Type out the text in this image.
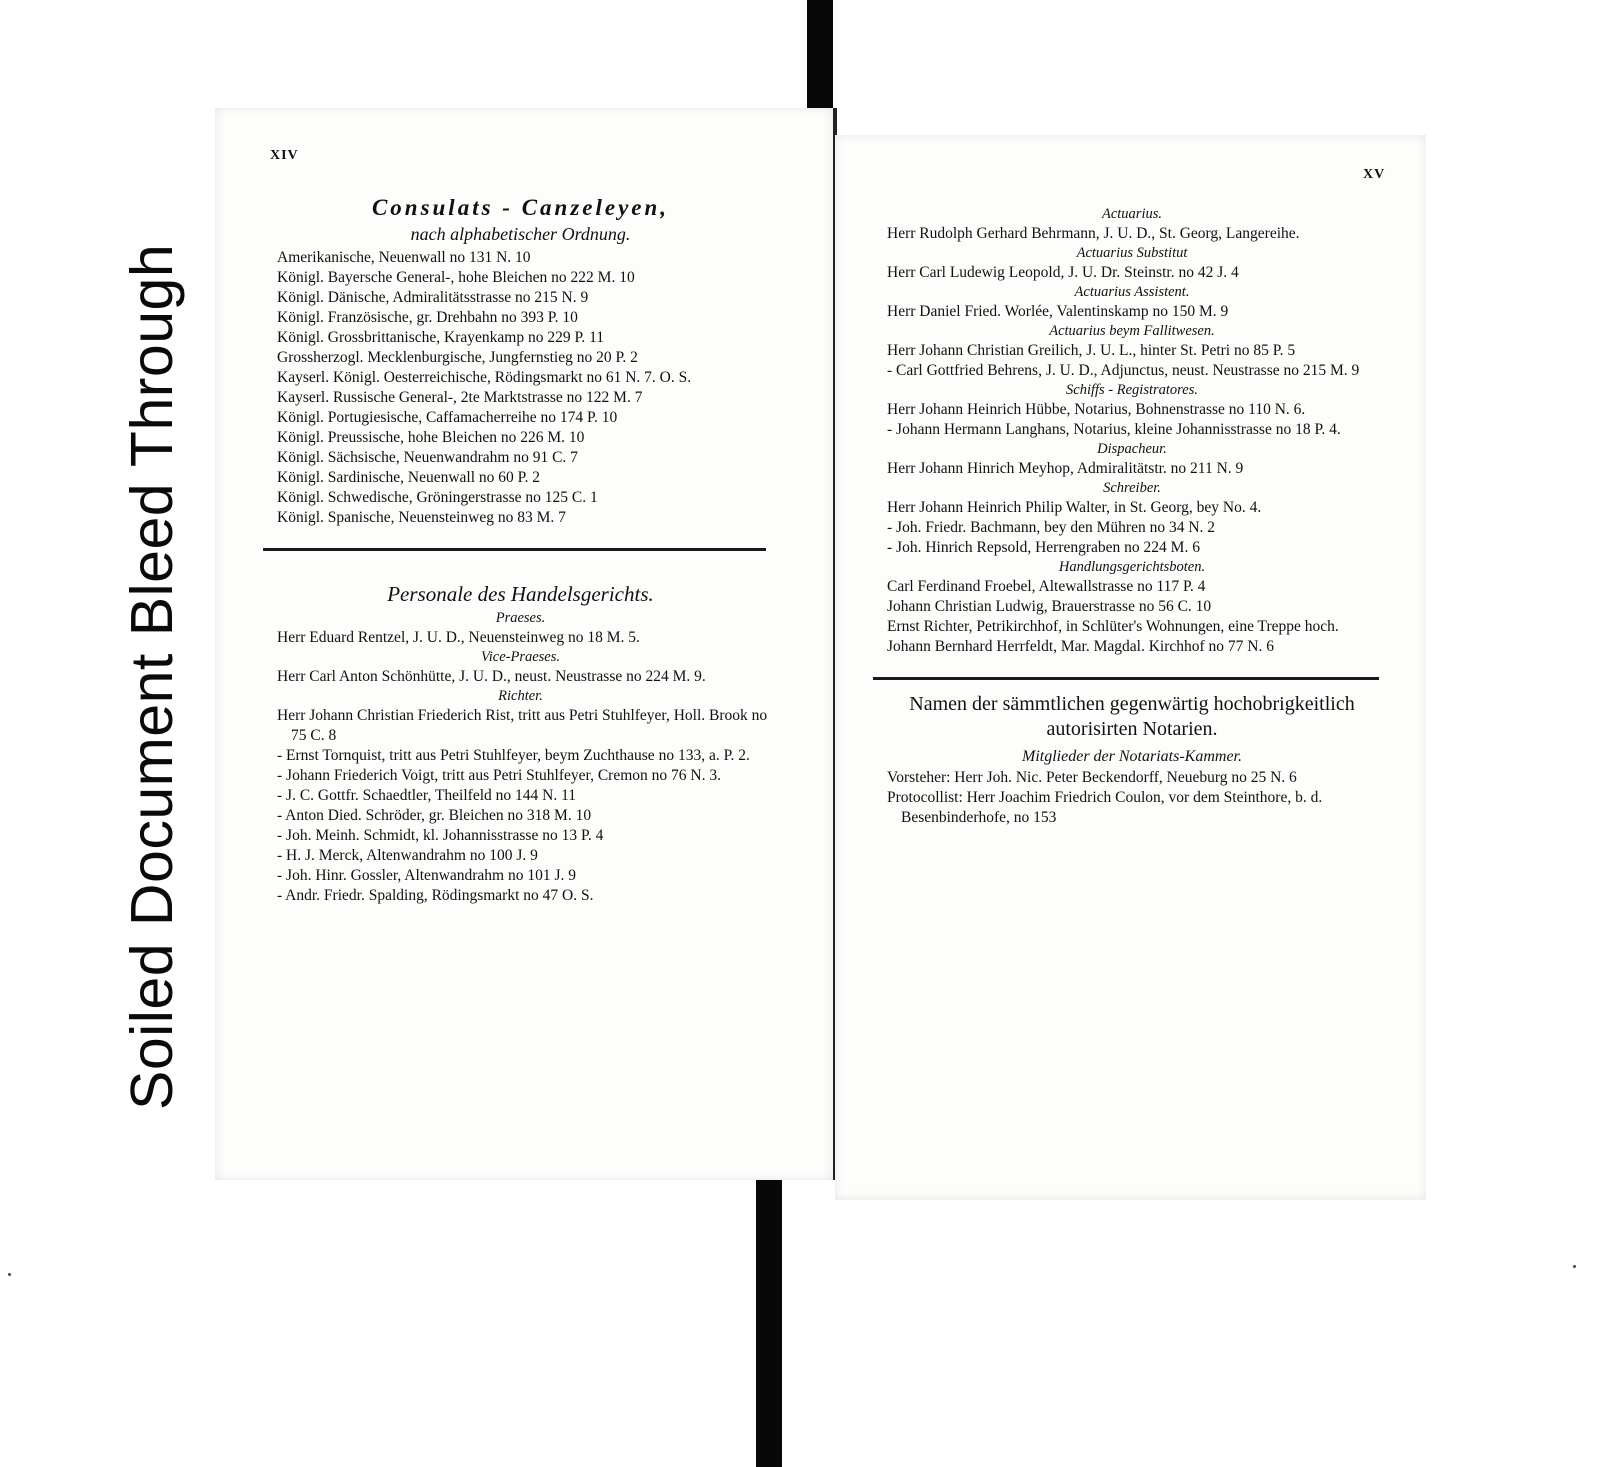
Soiled Document Bleed Through
XIV
Consulats - Canzeleyen,
nach alphabetischer Ordnung.
Amerikanische, Neuenwall no 131 N. 10
Königl. Bayersche General-, hohe Bleichen no 222 M. 10
Königl. Dänische, Admiralitätsstrasse no 215 N. 9
Königl. Französische, gr. Drehbahn no 393 P. 10
Königl. Grossbrittanische, Krayenkamp no 229 P. 11
Grossherzogl. Mecklenburgische, Jungfernstieg no 20 P. 2
Kayserl. Königl. Oesterreichische, Rödingsmarkt no 61 N. 7. O. S.
Kayserl. Russische General-, 2te Marktstrasse no 122 M. 7
Königl. Portugiesische, Caffamacherreihe no 174 P. 10
Königl. Preussische, hohe Bleichen no 226 M. 10
Königl. Sächsische, Neuenwandrahm no 91 C. 7
Königl. Sardinische, Neuenwall no 60 P. 2
Königl. Schwedische, Gröningerstrasse no 125 C. 1
Königl. Spanische, Neuensteinweg no 83 M. 7
Personale des Handelsgerichts.
Praeses.
Herr Eduard Rentzel, J. U. D., Neuensteinweg no 18 M. 5.
Vice-Praeses.
Herr Carl Anton Schönhütte, J. U. D., neust. Neustrasse no 224 M. 9.
Richter.
Herr Johann Christian Friederich Rist, tritt aus Petri Stuhlfeyer, Holl. Brook no 75 C. 8
- Ernst Tornquist, tritt aus Petri Stuhlfeyer, beym Zuchthause no 133, a. P. 2.
- Johann Friederich Voigt, tritt aus Petri Stuhlfeyer, Cremon no 76 N. 3.
- J. C. Gottfr. Schaedtler, Theilfeld no 144 N. 11
- Anton Died. Schröder, gr. Bleichen no 318 M. 10
- Joh. Meinh. Schmidt, kl. Johannisstrasse no 13 P. 4
- H. J. Merck, Altenwandrahm no 100 J. 9
- Joh. Hinr. Gossler, Altenwandrahm no 101 J. 9
- Andr. Friedr. Spalding, Rödingsmarkt no 47 O. S.
XV
Actuarius.
Herr Rudolph Gerhard Behrmann, J. U. D., St. Georg, Langereihe.
Actuarius Substitut
Herr Carl Ludewig Leopold, J. U. Dr. Steinstr. no 42 J. 4
Actuarius Assistent.
Herr Daniel Fried. Worlée, Valentinskamp no 150 M. 9
Actuarius beym Fallitwesen.
Herr Johann Christian Greilich, J. U. L., hinter St. Petri no 85 P. 5
- Carl Gottfried Behrens, J. U. D., Adjunctus, neust. Neustrasse no 215 M. 9
Schiffs - Registratores.
Herr Johann Heinrich Hübbe, Notarius, Bohnenstrasse no 110 N. 6.
- Johann Hermann Langhans, Notarius, kleine Johannisstrasse no 18 P. 4.
Dispacheur.
Herr Johann Hinrich Meyhop, Admiralitätstr. no 211 N. 9
Schreiber.
Herr Johann Heinrich Philip Walter, in St. Georg, bey No. 4.
- Joh. Friedr. Bachmann, bey den Mühren no 34 N. 2
- Joh. Hinrich Repsold, Herrengraben no 224 M. 6
Handlungsgerichtsboten.
Carl Ferdinand Froebel, Altewallstrasse no 117 P. 4
Johann Christian Ludwig, Brauerstrasse no 56 C. 10
Ernst Richter, Petrikirchhof, in Schlüter's Wohnungen, eine Treppe hoch.
Johann Bernhard Herrfeldt, Mar. Magdal. Kirchhof no 77 N. 6
Namen der sämmtlichen gegenwärtig hochobrigkeitlich autorisirten Notarien.
Mitglieder der Notariats-Kammer.
Vorsteher: Herr Joh. Nic. Peter Beckendorff, Neueburg no 25 N. 6
Protocollist: Herr Joachim Friedrich Coulon, vor dem Steinthore, b. d. Besenbinderhofe, no 153
